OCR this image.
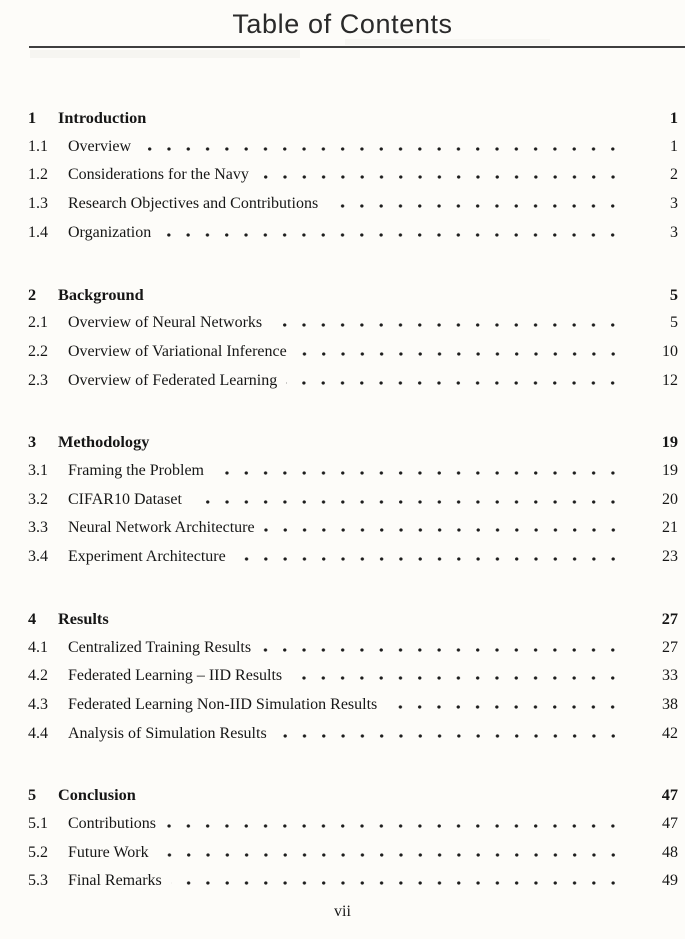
Table of Contents
1	Introduction	1
1.1	Overview	1
1.2	Considerations for the Navy	2
1.3	Research Objectives and Contributions	3
1.4	Organization	3
2	Background	5
2.1	Overview of Neural Networks	5
2.2	Overview of Variational Inference	10
2.3	Overview of Federated Learning	12
3	Methodology	19
3.1	Framing the Problem	19
3.2	CIFAR10 Dataset	20
3.3	Neural Network Architecture	21
3.4	Experiment Architecture	23
4	Results	27
4.1	Centralized Training Results	27
4.2	Federated Learning – IID Results	33
4.3	Federated Learning Non-IID Simulation Results	38
4.4	Analysis of Simulation Results	42
5	Conclusion	47
5.1	Contributions	47
5.2	Future Work	48
5.3	Final Remarks	49
vii
